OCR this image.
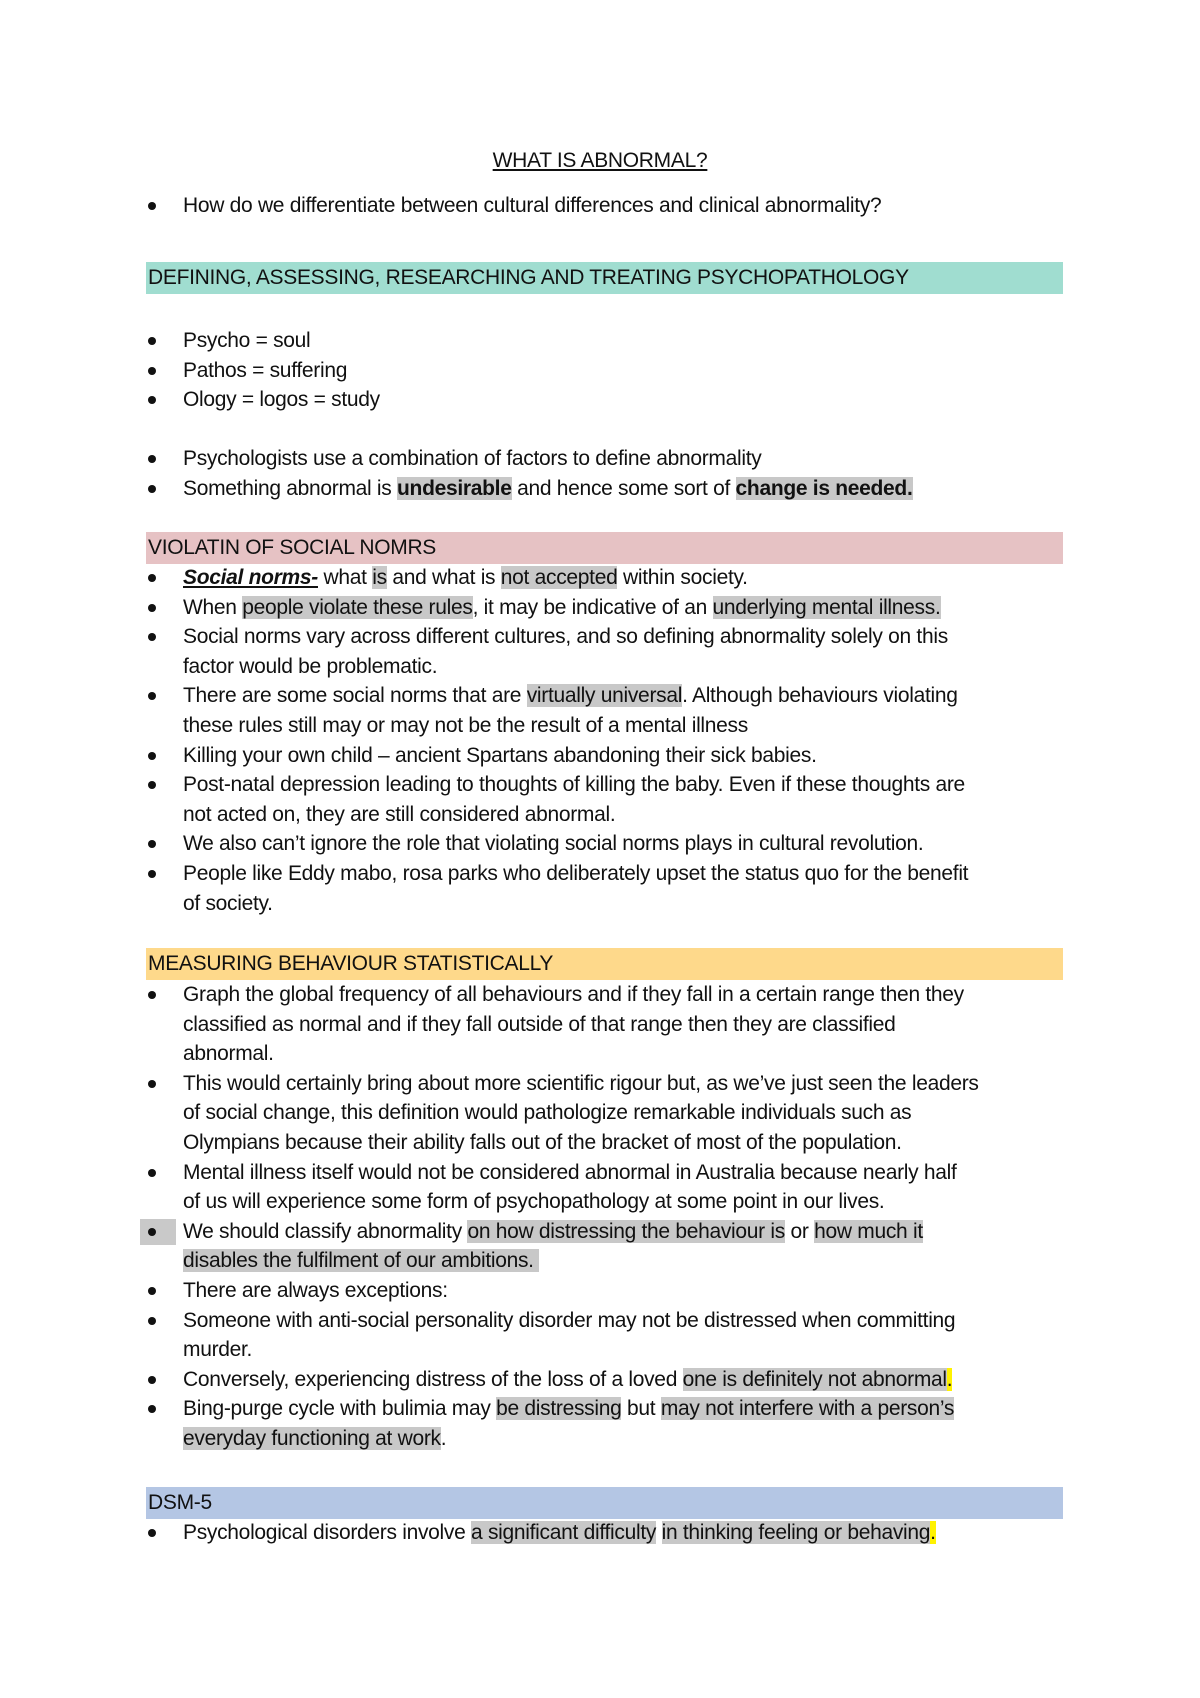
WHAT IS ABNORMAL?
How do we differentiate between cultural differences and clinical abnormality?
DEFINING, ASSESSING, RESEARCHING AND TREATING PSYCHOPATHOLOGY
Psycho = soul
Pathos = suffering
Ology = logos = study
Psychologists use a combination of factors to define abnormality
Something abnormal is undesirable and hence some sort of change is needed.
VIOLATIN OF SOCIAL NOMRS
Social norms- what is and what is not accepted within society.
When people violate these rules, it may be indicative of an underlying mental illness.
Social norms vary across different cultures, and so defining abnormality solely on this
factor would be problematic.
There are some social norms that are virtually universal. Although behaviours violating
these rules still may or may not be the result of a mental illness
Killing your own child – ancient Spartans abandoning their sick babies.
Post-natal depression leading to thoughts of killing the baby. Even if these thoughts are
not acted on, they are still considered abnormal.
We also can’t ignore the role that violating social norms plays in cultural revolution.
People like Eddy mabo, rosa parks who deliberately upset the status quo for the benefit
of society.
MEASURING BEHAVIOUR STATISTICALLY
Graph the global frequency of all behaviours and if they fall in a certain range then they
classified as normal and if they fall outside of that range then they are classified
abnormal.
This would certainly bring about more scientific rigour but, as we’ve just seen the leaders
of social change, this definition would pathologize remarkable individuals such as
Olympians because their ability falls out of the bracket of most of the population.
Mental illness itself would not be considered abnormal in Australia because nearly half
of us will experience some form of psychopathology at some point in our lives.
We should classify abnormality on how distressing the behaviour is or how much it
disables the fulfilment of our ambitions.
There are always exceptions:
Someone with anti-social personality disorder may not be distressed when committing
murder.
Conversely, experiencing distress of the loss of a loved one is definitely not abnormal.
Bing-purge cycle with bulimia may be distressing but may not interfere with a person’s
everyday functioning at work.
DSM-5
Psychological disorders involve a significant difficulty in thinking feeling or behaving.
